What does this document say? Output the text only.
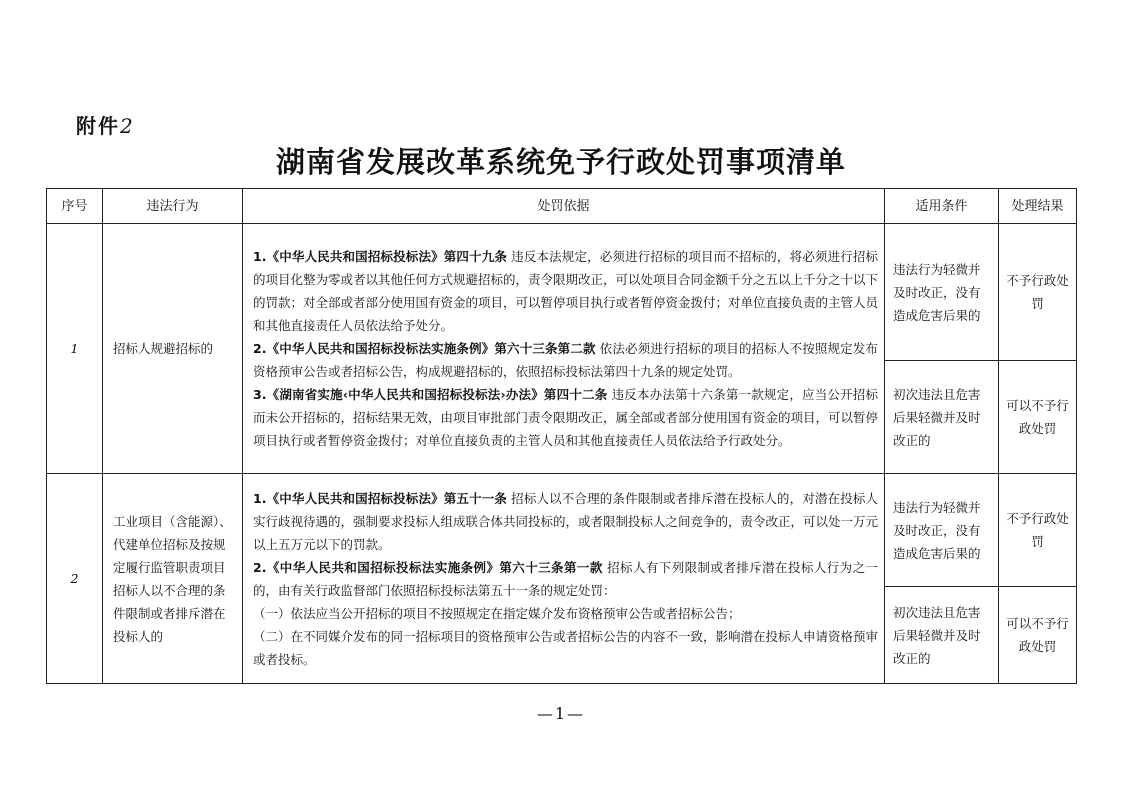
附件2
湖南省发展改革系统免予行政处罚事项清单
序号	违法行为	处罚依据	适用条件	处理结果
1	招标人规避招标的	1.《中华人民共和国招标投标法》第四十九条 违反本法规定，必须进行招标的项目而不招标的，将必须进行招标的项目化整为零或者以其他任何方式规避招标的，责令限期改正，可以处项目合同金额千分之五以上千分之十以下的罚款；对全部或者部分使用国有资金的项目，可以暂停项目执行或者暂停资金拨付；对单位直接负责的主管人员和其他直接责任人员依法给予处分。

2.《中华人民共和国招标投标法实施条例》第六十三条第二款 依法必须进行招标的项目的招标人不按照规定发布资格预审公告或者招标公告，构成规避招标的，依照招标投标法第四十九条的规定处罚。

3.《湖南省实施‹中华人民共和国招标投标法›办法》第四十二条 违反本办法第十六条第一款规定，应当公开招标而未公开招标的，招标结果无效，由项目审批部门责令限期改正，属全部或者部分使用国有资金的项目，可以暂停项目执行或者暂停资金拨付；对单位直接负责的主管人员和其他直接责任人员依法给予行政处分。	违法行为轻微并及时改正，没有造成危害后果的	不予行政处罚
			初次违法且危害后果轻微并及时改正的	可以不予行政处罚
2	工业项目（含能源）、代建单位招标及按规定履行监管职责项目招标人以不合理的条件限制或者排斥潜在投标人的	1.《中华人民共和国招标投标法》第五十一条 招标人以不合理的条件限制或者排斥潜在投标人的，对潜在投标人实行歧视待遇的，强制要求投标人组成联合体共同投标的，或者限制投标人之间竞争的，责令改正，可以处一万元以上五万元以下的罚款。

2.《中华人民共和国招标投标法实施条例》第六十三条第一款 招标人有下列限制或者排斥潜在投标人行为之一的，由有关行政监督部门依照招标投标法第五十一条的规定处罚：

（一）依法应当公开招标的项目不按照规定在指定媒介发布资格预审公告或者招标公告；

（二）在不同媒介发布的同一招标项目的资格预审公告或者招标公告的内容不一致，影响潜在投标人申请资格预审或者投标。	违法行为轻微并及时改正，没有造成危害后果的	不予行政处罚
			初次违法且危害后果轻微并及时改正的	可以不予行政处罚
—1—
